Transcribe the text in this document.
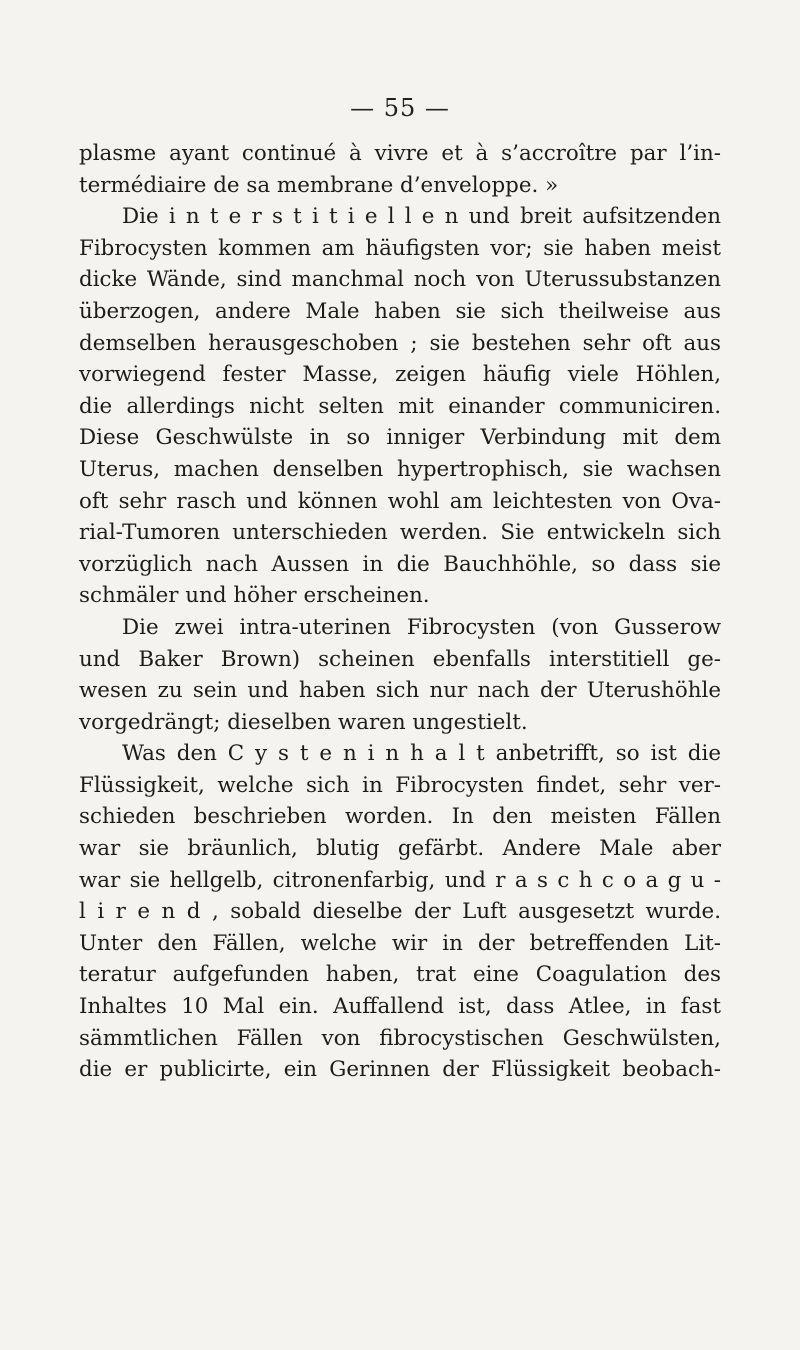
— 55 —
plasme ayant continué à vivre et à s’accroître par l’in-
termédiaire de sa membrane d’enveloppe. »
Die i n t e r s t i t i e l l e n und breit aufsitzenden
Fibrocysten kommen am häufigsten vor; sie haben meist
dicke Wände, sind manchmal noch von Uterussubstanzen
überzogen, andere Male haben sie sich theilweise aus
demselben herausgeschoben ; sie bestehen sehr oft aus
vorwiegend fester Masse, zeigen häufig viele Höhlen,
die allerdings nicht selten mit einander communiciren.
Diese Geschwülste in so inniger Verbindung mit dem
Uterus, machen denselben hypertrophisch, sie wachsen
oft sehr rasch und können wohl am leichtesten von Ova-
rial-Tumoren unterschieden werden. Sie entwickeln sich
vorzüglich nach Aussen in die Bauchhöhle, so dass sie
schmäler und höher erscheinen.
Die zwei intra-uterinen Fibrocysten (von Gusserow
und Baker Brown) scheinen ebenfalls interstitiell ge-
wesen zu sein und haben sich nur nach der Uterushöhle
vorgedrängt; dieselben waren ungestielt.
Was den C y s t e n i n h a l t anbetrifft, so ist die
Flüssigkeit, welche sich in Fibrocysten findet, sehr ver-
schieden beschrieben worden. In den meisten Fällen
war sie bräunlich, blutig gefärbt. Andere Male aber
war sie hellgelb, citronenfarbig, und r a s c h c o a g u -
l i r e n d , sobald dieselbe der Luft ausgesetzt wurde.
Unter den Fällen, welche wir in der betreffenden Lit-
teratur aufgefunden haben, trat eine Coagulation des
Inhaltes 10 Mal ein. Auffallend ist, dass Atlee, in fast
sämmtlichen Fällen von fibrocystischen Geschwülsten,
die er publicirte, ein Gerinnen der Flüssigkeit beobach-
